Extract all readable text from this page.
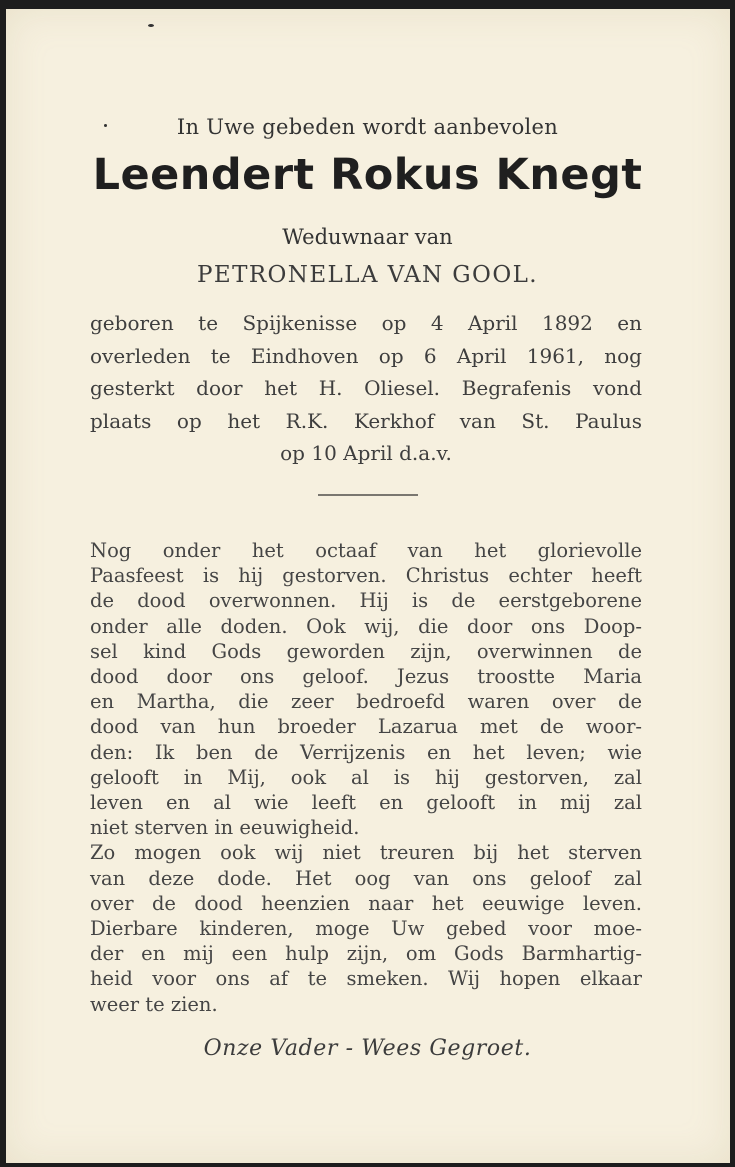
In Uwe gebeden wordt aanbevolen
Leendert Rokus Knegt
Weduwnaar van
PETRONELLA VAN GOOL.
geboren te Spijkenisse op 4 April 1892 en
overleden te Eindhoven op 6 April 1961, nog
gesterkt door het H. Oliesel. Begrafenis vond
plaats op het R.K. Kerkhof van St. Paulus
op 10 April d.a.v.
Nog onder het octaaf van het glorievolle
Paasfeest is hij gestorven. Christus echter heeft
de dood overwonnen. Hij is de eerstgeborene
onder alle doden. Ook wij, die door ons Doop-
sel kind Gods geworden zijn, overwinnen de
dood door ons geloof. Jezus troostte Maria
en Martha, die zeer bedroefd waren over de
dood van hun broeder Lazarua met de woor-
den: Ik ben de Verrijzenis en het leven; wie
gelooft in Mij, ook al is hij gestorven, zal
leven en al wie leeft en gelooft in mij zal
niet sterven in eeuwigheid.
Zo mogen ook wij niet treuren bij het sterven
van deze dode. Het oog van ons geloof zal
over de dood heenzien naar het eeuwige leven.
Dierbare kinderen, moge Uw gebed voor moe-
der en mij een hulp zijn, om Gods Barmhartig-
heid voor ons af te smeken. Wij hopen elkaar
weer te zien.
Onze Vader - Wees Gegroet.
